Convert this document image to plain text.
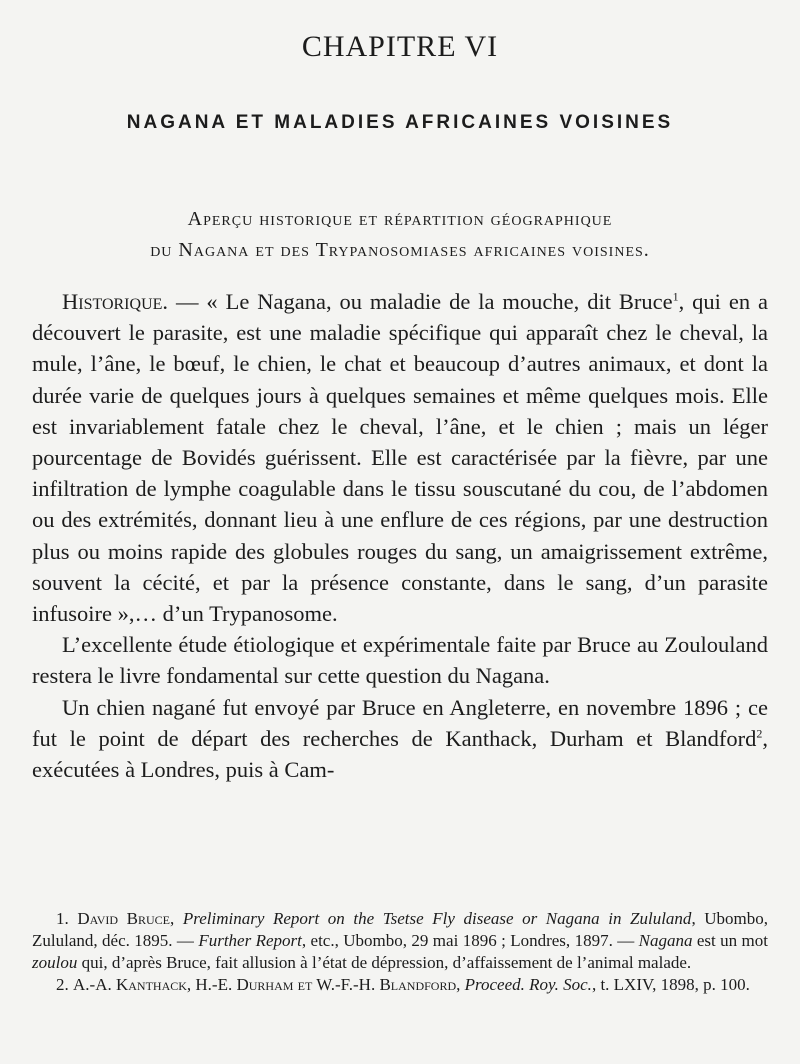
CHAPITRE VI
NAGANA ET MALADIES AFRICAINES VOISINES
Aperçu historique et répartition géographique
du Nagana et des Trypanosomiases africaines voisines.

Historique. — « Le Nagana, ou maladie de la mouche, dit Bruce$^1$, qui en a découvert le parasite, est une maladie spécifique qui apparaît chez le cheval, la mule, l’âne, le bœuf, le chien, le chat et beaucoup d’autres animaux, et dont la durée varie de quelques jours à quelques semaines et même quelques mois. Elle est invariablement fatale chez le cheval, l’âne, et le chien ; mais un léger pourcentage de Bovidés guérissent. Elle est caractérisée par la fièvre, par une infiltration de lymphe coagulable dans le tissu souscutané du cou, de l’abdomen ou des extrémités, donnant lieu à une enflure de ces régions, par une destruction plus ou moins rapide des globules rouges du sang, un amaigrissement extrême, souvent la cécité, et par la présence constante, dans le sang, d’un parasite infusoire »,… d’un Trypanosome.

L’excellente étude étiologique et expérimentale faite par Bruce au Zoulouland restera le livre fondamental sur cette question du Nagana.

Un chien nagané fut envoyé par Bruce en Angleterre, en novembre 1896 ; ce fut le point de départ des recherches de Kanthack, Durham et Blandford$^2$, exécutées à Londres, puis à Cam-

1. David Bruce, Preliminary Report on the Tsetse Fly disease or Nagana in Zululand, Ubombo, Zululand, déc. 1895. — Further Report, etc., Ubombo, 29 mai 1896 ; Londres, 1897. — Nagana est un mot zoulou qui, d’après Bruce, fait allusion à l’état de dépression, d’affaissement de l’animal malade.

2. A.-A. Kanthack, H.-E. Durham et W.-F.-H. Blandford, Proceed. Roy. Soc., t. LXIV, 1898, p. 100.
